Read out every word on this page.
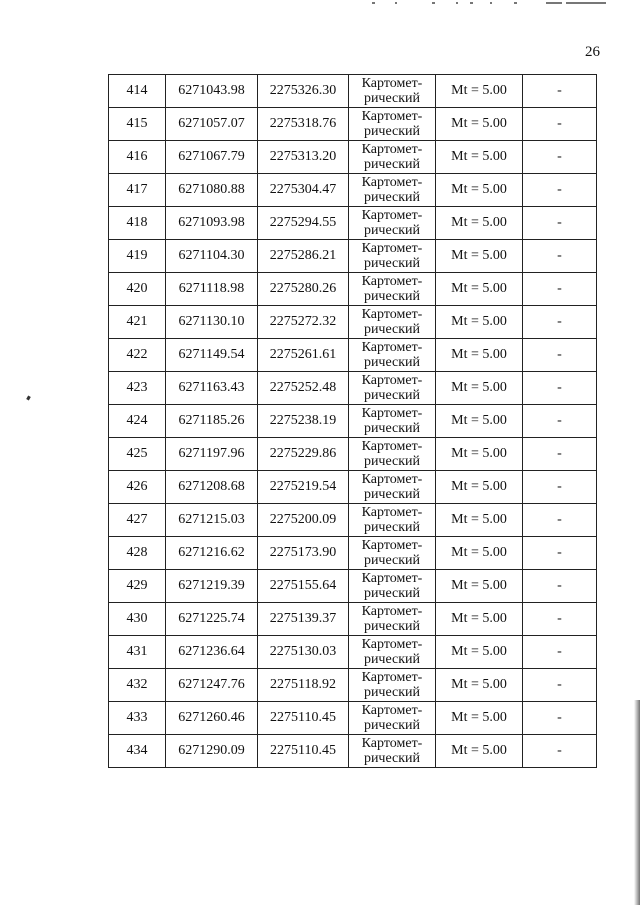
26
414	6271043.98	2275326.30	Картомет-
рический	Mt = 5.00	-
415	6271057.07	2275318.76	Картомет-
рический	Mt = 5.00	-
416	6271067.79	2275313.20	Картомет-
рический	Mt = 5.00	-
417	6271080.88	2275304.47	Картомет-
рический	Mt = 5.00	-
418	6271093.98	2275294.55	Картомет-
рический	Mt = 5.00	-
419	6271104.30	2275286.21	Картомет-
рический	Mt = 5.00	-
420	6271118.98	2275280.26	Картомет-
рический	Mt = 5.00	-
421	6271130.10	2275272.32	Картомет-
рический	Mt = 5.00	-
422	6271149.54	2275261.61	Картомет-
рический	Mt = 5.00	-
423	6271163.43	2275252.48	Картомет-
рический	Mt = 5.00	-
424	6271185.26	2275238.19	Картомет-
рический	Mt = 5.00	-
425	6271197.96	2275229.86	Картомет-
рический	Mt = 5.00	-
426	6271208.68	2275219.54	Картомет-
рический	Mt = 5.00	-
427	6271215.03	2275200.09	Картомет-
рический	Mt = 5.00	-
428	6271216.62	2275173.90	Картомет-
рический	Mt = 5.00	-
429	6271219.39	2275155.64	Картомет-
рический	Mt = 5.00	-
430	6271225.74	2275139.37	Картомет-
рический	Mt = 5.00	-
431	6271236.64	2275130.03	Картомет-
рический	Mt = 5.00	-
432	6271247.76	2275118.92	Картомет-
рический	Mt = 5.00	-
433	6271260.46	2275110.45	Картомет-
рический	Mt = 5.00	-
434	6271290.09	2275110.45	Картомет-
рический	Mt = 5.00	-
